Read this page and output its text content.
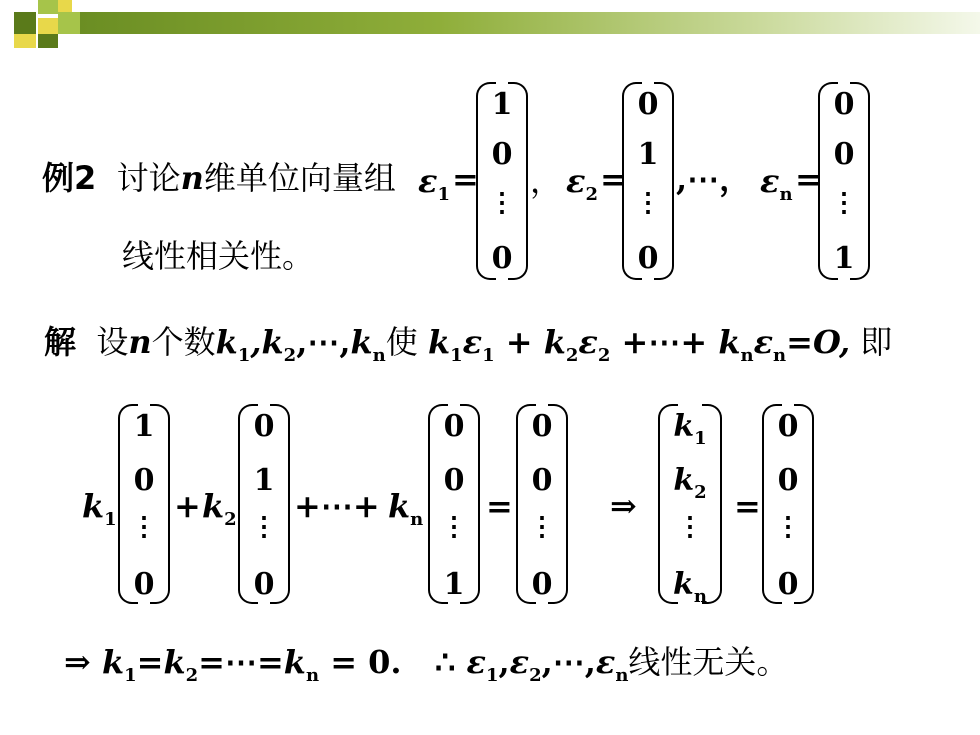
例2 讨论n维单位向量组 $\varepsilon_1$ =
1
0
⋮
0
， $\varepsilon_2$ =
0
1
⋮
0
,⋯， $\varepsilon_n$ =
0
0
⋮
1
线性相关性。
解 设n个数$k_1,k_2,\cdots,k_n$使 $k_1\varepsilon_1 + k_2\varepsilon_2$ +⋯+ $k_n\varepsilon_n=O$, 即
$k_1$
1
0
⋮
0
+ $k_2$
0
1
⋮
0
+⋯+ $k_n$
0
0
⋮
1
=
0
0
⋮
0
⇒
$k_1$
$k_2$
⋮
$k_n$
=
0
0
⋮
0
⇒ $k_1=k_2=\cdots=k_n = 0$. ∴ $\varepsilon_1,\varepsilon_2,\cdots,\varepsilon_n$线性无关。
